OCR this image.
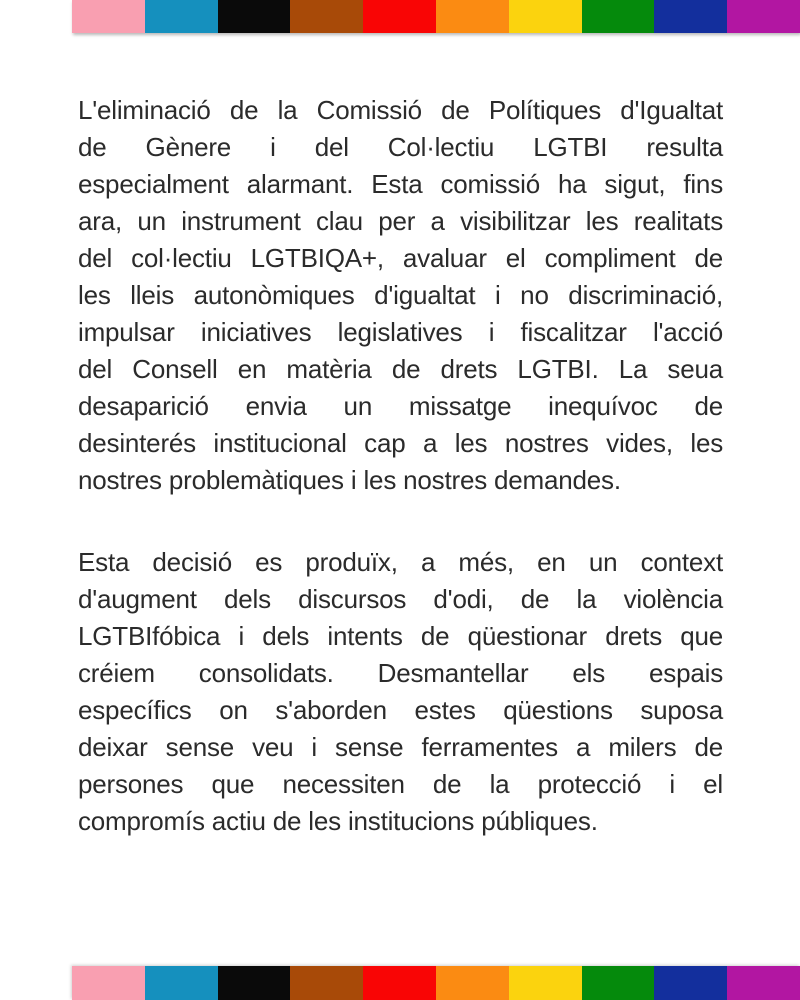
L'eliminació de la Comissió de Polítiques d'Igualtat
de Gènere i del Col·lectiu LGTBI resulta
especialment alarmant. Esta comissió ha sigut, fins
ara, un instrument clau per a visibilitzar les realitats
del col·lectiu LGTBIQA+, avaluar el compliment de
les lleis autonòmiques d'igualtat i no discriminació,
impulsar iniciatives legislatives i fiscalitzar l'acció
del Consell en matèria de drets LGTBI. La seua
desaparició envia un missatge inequívoc de
desinterés institucional cap a les nostres vides, les
nostres problemàtiques i les nostres demandes.
Esta decisió es produïx, a més, en un context
d'augment dels discursos d'odi, de la violència
LGTBIfóbica i dels intents de qüestionar drets que
créiem consolidats. Desmantellar els espais
específics on s'aborden estes qüestions suposa
deixar sense veu i sense ferramentes a milers de
persones que necessiten de la protecció i el
compromís actiu de les institucions públiques.
